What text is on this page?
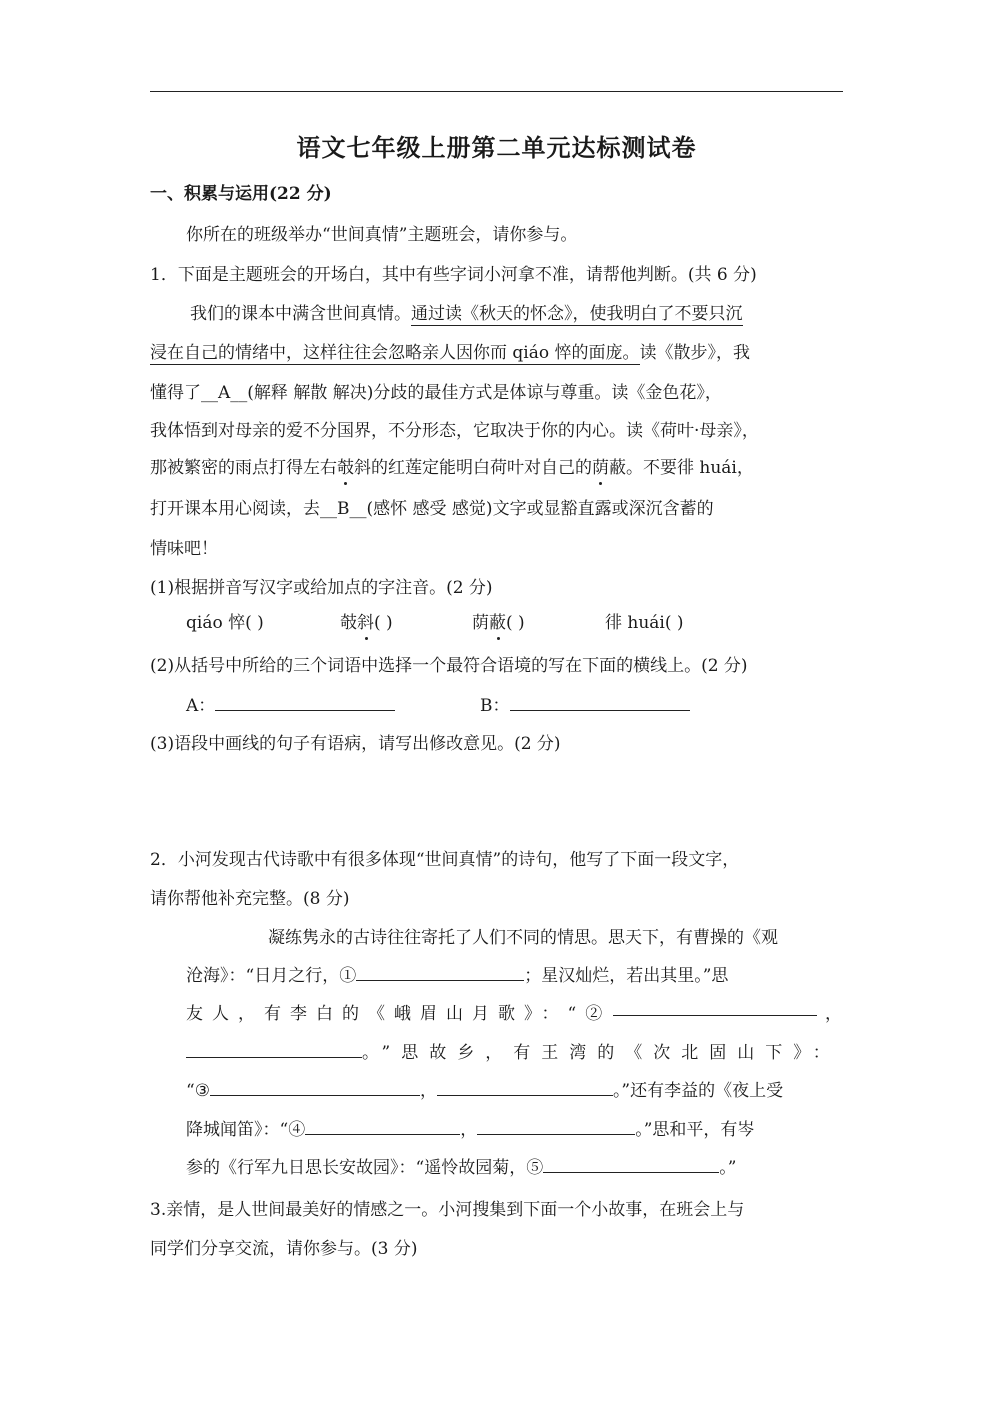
语文七年级上册第二单元达标测试卷
一、积累与运用(22 分)
你所在的班级举办“世间真情”主题班会，请你参与。
1．下面是主题班会的开场白，其中有些字词小河拿不准，请帮他判断。(共 6 分)
我们的课本中满含世间真情。通过读《秋天的怀念》，使我明白了不要只沉
浸在自己的情绪中，这样往往会忽略亲人因你而 qiáo 悴的面庞。读《散步》，我
懂得了__A__(解释 解散 解决)分歧的最佳方式是体谅与尊重。读《金色花》，
我体悟到对母亲的爱不分国界，不分形态，它取决于你的内心。读《荷叶·母亲》，
那被繁密的雨点打得左右攲斜的红莲定能明白荷叶对自己的荫蔽。不要徘 huái，
打开课本用心阅读，去__B__(感怀 感受 感觉)文字或显豁直露或深沉含蓄的
情味吧！
(1)根据拼音写汉字或给加点的字注音。(2 分)
qiáo 悴( )	攲斜( )	荫蔽( )	徘 huái( )
(2)从括号中所给的三个词语中选择一个最符合语境的写在下面的横线上。(2 分)
A：	B：
(3)语段中画线的句子有语病，请写出修改意见。(2 分)
2．小河发现古代诗歌中有很多体现“世间真情”的诗句，他写了下面一段文字，
请你帮他补充完整。(8 分)
凝练隽永的古诗往往寄托了人们不同的情思。思天下，有曹操的《观
沧海》：“日月之行，①	；星汉灿烂，若出其里。”思
友人，有李白的《峨眉山月歌》：“②	，
。”思故乡，有王湾的《次北固山下》：
“③	，	。”还有李益的《夜上受
降城闻笛》：“④	，	。”思和平，有岑
参的《行军九日思长安故园》：“遥怜故园菊，⑤	。”
3.亲情，是人世间最美好的情感之一。小河搜集到下面一个小故事，在班会上与
同学们分享交流，请你参与。(3 分)
